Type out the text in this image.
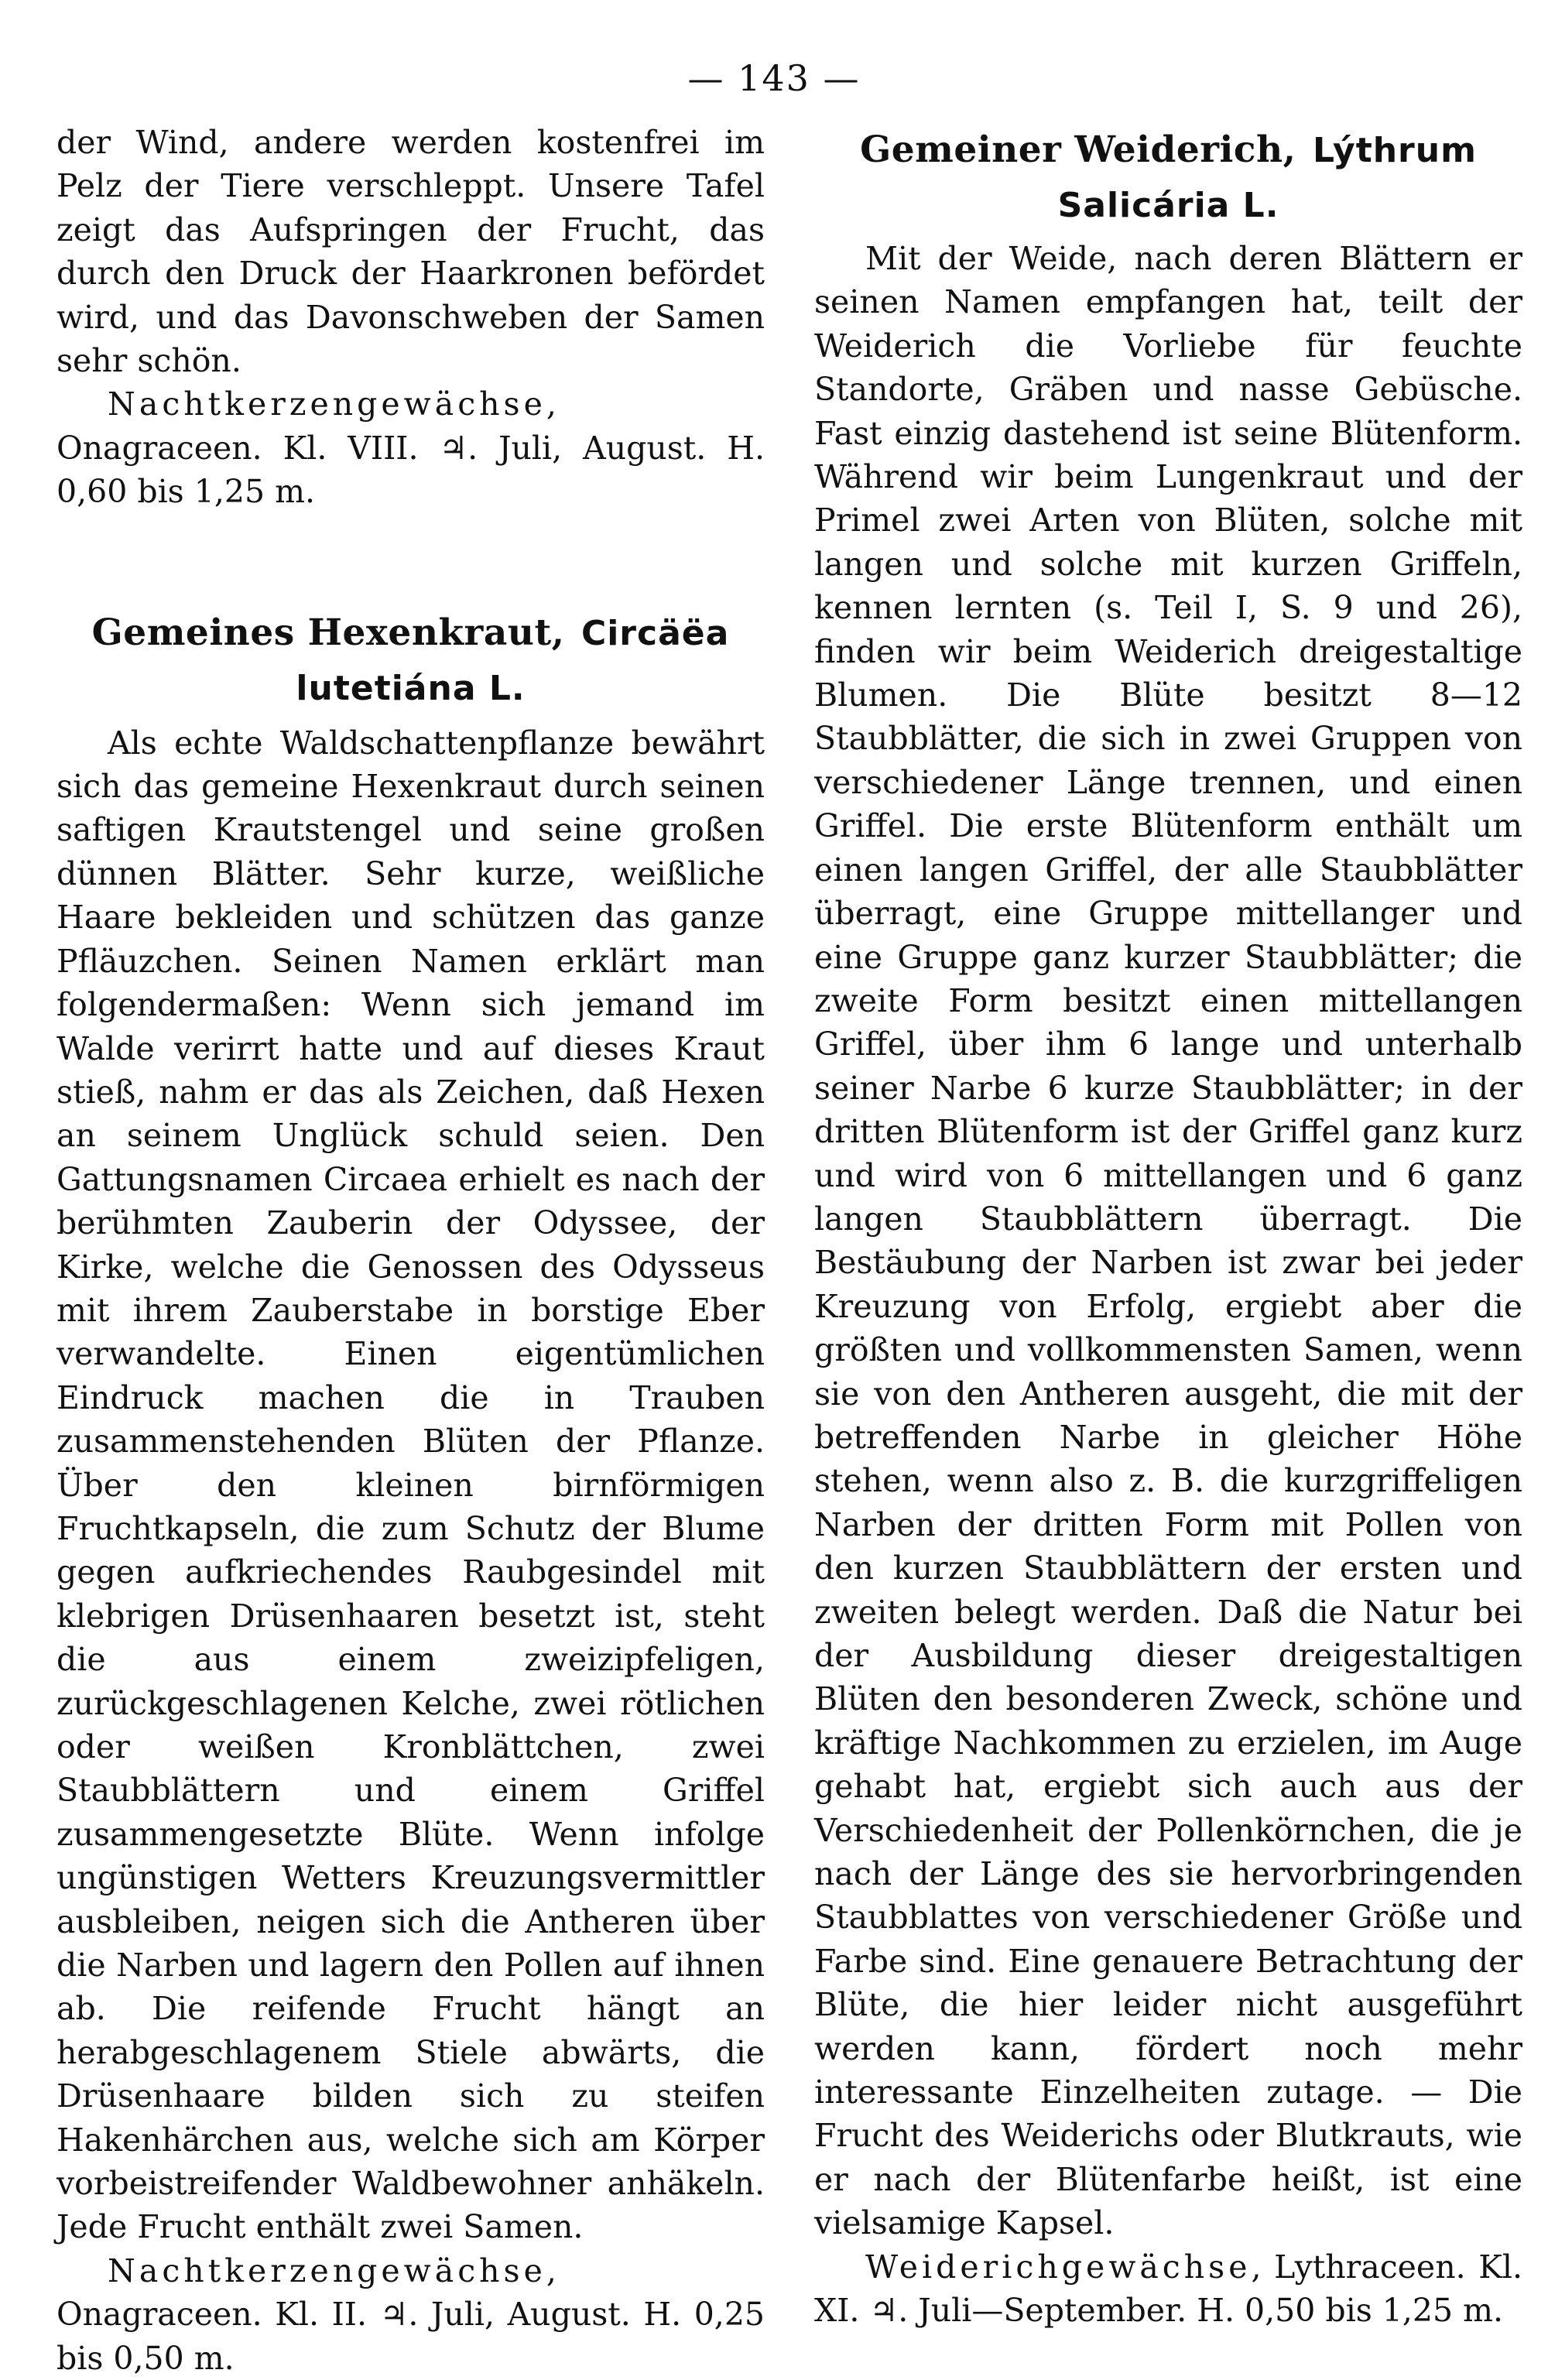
— 143 —

der Wind, andere werden kostenfrei im Pelz der Tiere verschleppt. Unsere Tafel zeigt das Aufspringen der Frucht, das durch den Druck der Haarkronen befördet wird, und das Davonschweben der Samen sehr schön.

Nachtkerzengewächse, Onagraceen. Kl. VIII. ♃. Juli, August. H. 0,60 bis 1,25 m.

Gemeines Hexenkraut, Circäëa lutetiána L.

Als echte Waldschattenpflanze bewährt sich das gemeine Hexenkraut durch seinen saftigen Krautstengel und seine großen dünnen Blätter. Sehr kurze, weißliche Haare bekleiden und schützen das ganze Pfläuzchen. Seinen Namen erklärt man folgendermaßen: Wenn sich jemand im Walde verirrt hatte und auf dieses Kraut stieß, nahm er das als Zeichen, daß Hexen an seinem Unglück schuld seien. Den Gattungsnamen Circaea erhielt es nach der berühmten Zauberin der Odyssee, der Kirke, welche die Genossen des Odysseus mit ihrem Zauberstabe in borstige Eber verwandelte. Einen eigentümlichen Eindruck machen die in Trauben zusammenstehenden Blüten der Pflanze. Über den kleinen birnförmigen Fruchtkapseln, die zum Schutz der Blume gegen aufkriechendes Raubgesindel mit klebrigen Drüsenhaaren besetzt ist, steht die aus einem zweizipfeligen, zurückgeschlagenen Kelche, zwei rötlichen oder weißen Kronblättchen, zwei Staubblättern und einem Griffel zusammengesetzte Blüte. Wenn infolge ungünstigen Wetters Kreuzungsvermittler ausbleiben, neigen sich die Antheren über die Narben und lagern den Pollen auf ihnen ab. Die reifende Frucht hängt an herabgeschlagenem Stiele abwärts, die Drüsenhaare bilden sich zu steifen Hakenhärchen aus, welche sich am Körper vorbeistreifender Waldbewohner anhäkeln. Jede Frucht enthält zwei Samen.

Nachtkerzengewächse, Onagraceen. Kl. II. ♃. Juli, August. H. 0,25 bis 0,50 m.

Gemeiner Weiderich, Lýthrum Salicária L.

Mit der Weide, nach deren Blättern er seinen Namen empfangen hat, teilt der Weiderich die Vorliebe für feuchte Standorte, Gräben und nasse Gebüsche. Fast einzig dastehend ist seine Blütenform. Während wir beim Lungenkraut und der Primel zwei Arten von Blüten, solche mit langen und solche mit kurzen Griffeln, kennen lernten (s. Teil I, S. 9 und 26), finden wir beim Weiderich dreigestaltige Blumen. Die Blüte besitzt 8—12 Staubblätter, die sich in zwei Gruppen von verschiedener Länge trennen, und einen Griffel. Die erste Blütenform enthält um einen langen Griffel, der alle Staubblätter überragt, eine Gruppe mittellanger und eine Gruppe ganz kurzer Staubblätter; die zweite Form besitzt einen mittellangen Griffel, über ihm 6 lange und unterhalb seiner Narbe 6 kurze Staubblätter; in der dritten Blütenform ist der Griffel ganz kurz und wird von 6 mittellangen und 6 ganz langen Staubblättern überragt. Die Bestäubung der Narben ist zwar bei jeder Kreuzung von Erfolg, ergiebt aber die größten und vollkommensten Samen, wenn sie von den Antheren ausgeht, die mit der betreffenden Narbe in gleicher Höhe stehen, wenn also z. B. die kurzgriffeligen Narben der dritten Form mit Pollen von den kurzen Staubblättern der ersten und zweiten belegt werden. Daß die Natur bei der Ausbildung dieser dreigestaltigen Blüten den besonderen Zweck, schöne und kräftige Nachkommen zu erzielen, im Auge gehabt hat, ergiebt sich auch aus der Verschiedenheit der Pollenkörnchen, die je nach der Länge des sie hervorbringenden Staubblattes von verschiedener Größe und Farbe sind. Eine genauere Betrachtung der Blüte, die hier leider nicht ausgeführt werden kann, fördert noch mehr interessante Einzelheiten zutage. — Die Frucht des Weiderichs oder Blutkrauts, wie er nach der Blütenfarbe heißt, ist eine vielsamige Kapsel.

Weiderichgewächse, Lythraceen. Kl. XI. ♃. Juli—September. H. 0,50 bis 1,25 m.
